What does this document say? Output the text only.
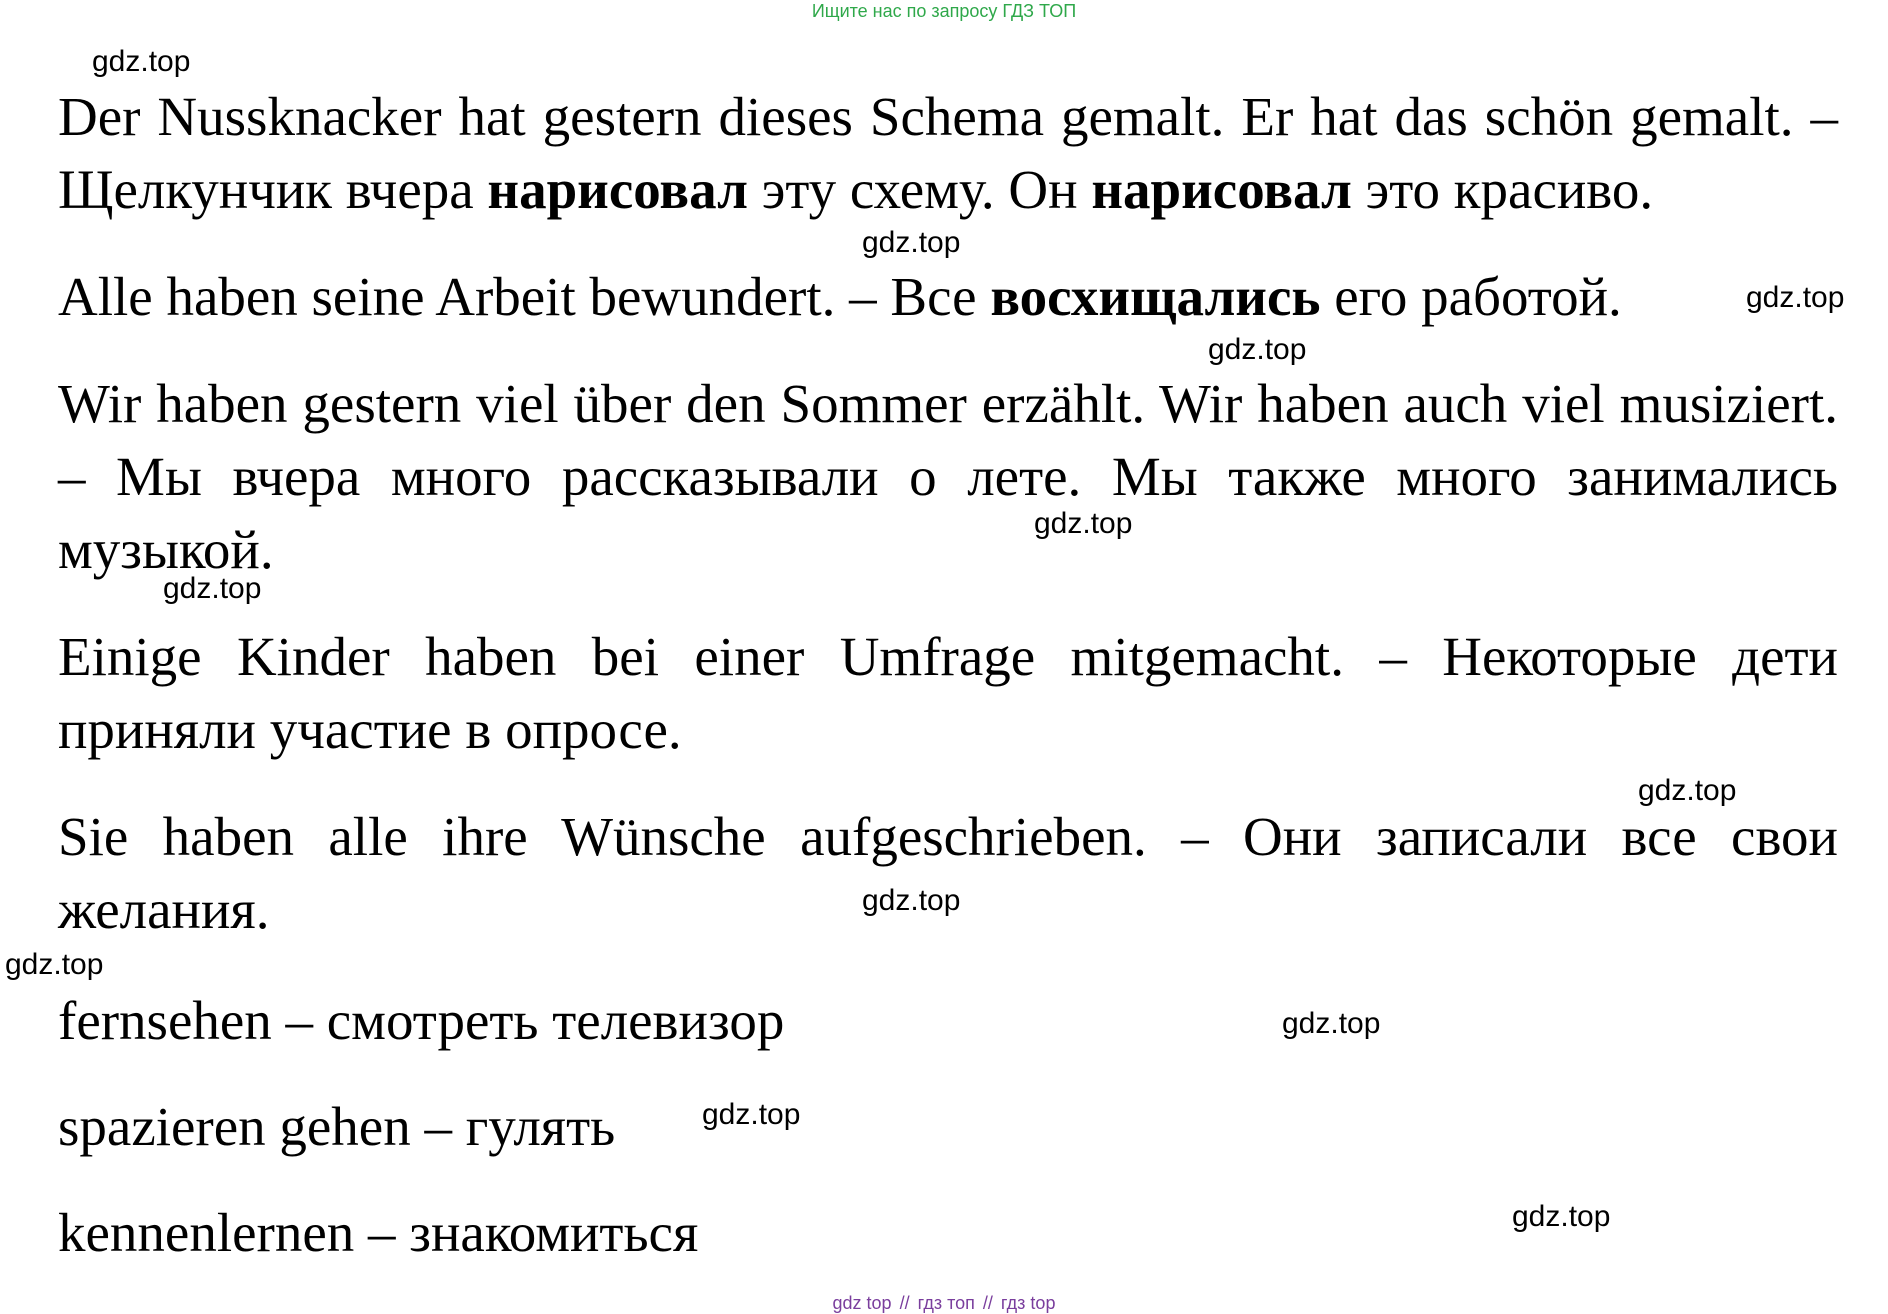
Ищите нас по запросу ГДЗ ТОП

Der Nussknacker hat gestern dieses Schema gemalt. Er hat das schön gemalt. – Щелкунчик вчера нарисовал эту схему. Он нарисовал это красиво.

Alle haben seine Arbeit bewundert. – Все восхищались его работой.

Wir haben gestern viel über den Sommer erzählt. Wir haben auch viel musiziert. – Мы вчера много рассказывали о лете. Мы также много занимались музыкой.

Einige Kinder haben bei einer Umfrage mitgemacht. – Некоторые дети приняли участие в опросе.

Sie haben alle ihre Wünsche aufgeschrieben. – Они записали все свои желания.

fernsehen – смотреть телевизор

spazieren gehen – гулять

kennenlernen – знакомиться

gdz.top
gdz.top
gdz.top
gdz.top
gdz.top
gdz.top
gdz.top
gdz.top
gdz.top
gdz.top
gdz.top
gdz.top
gdz top // гдз топ // гдз top
